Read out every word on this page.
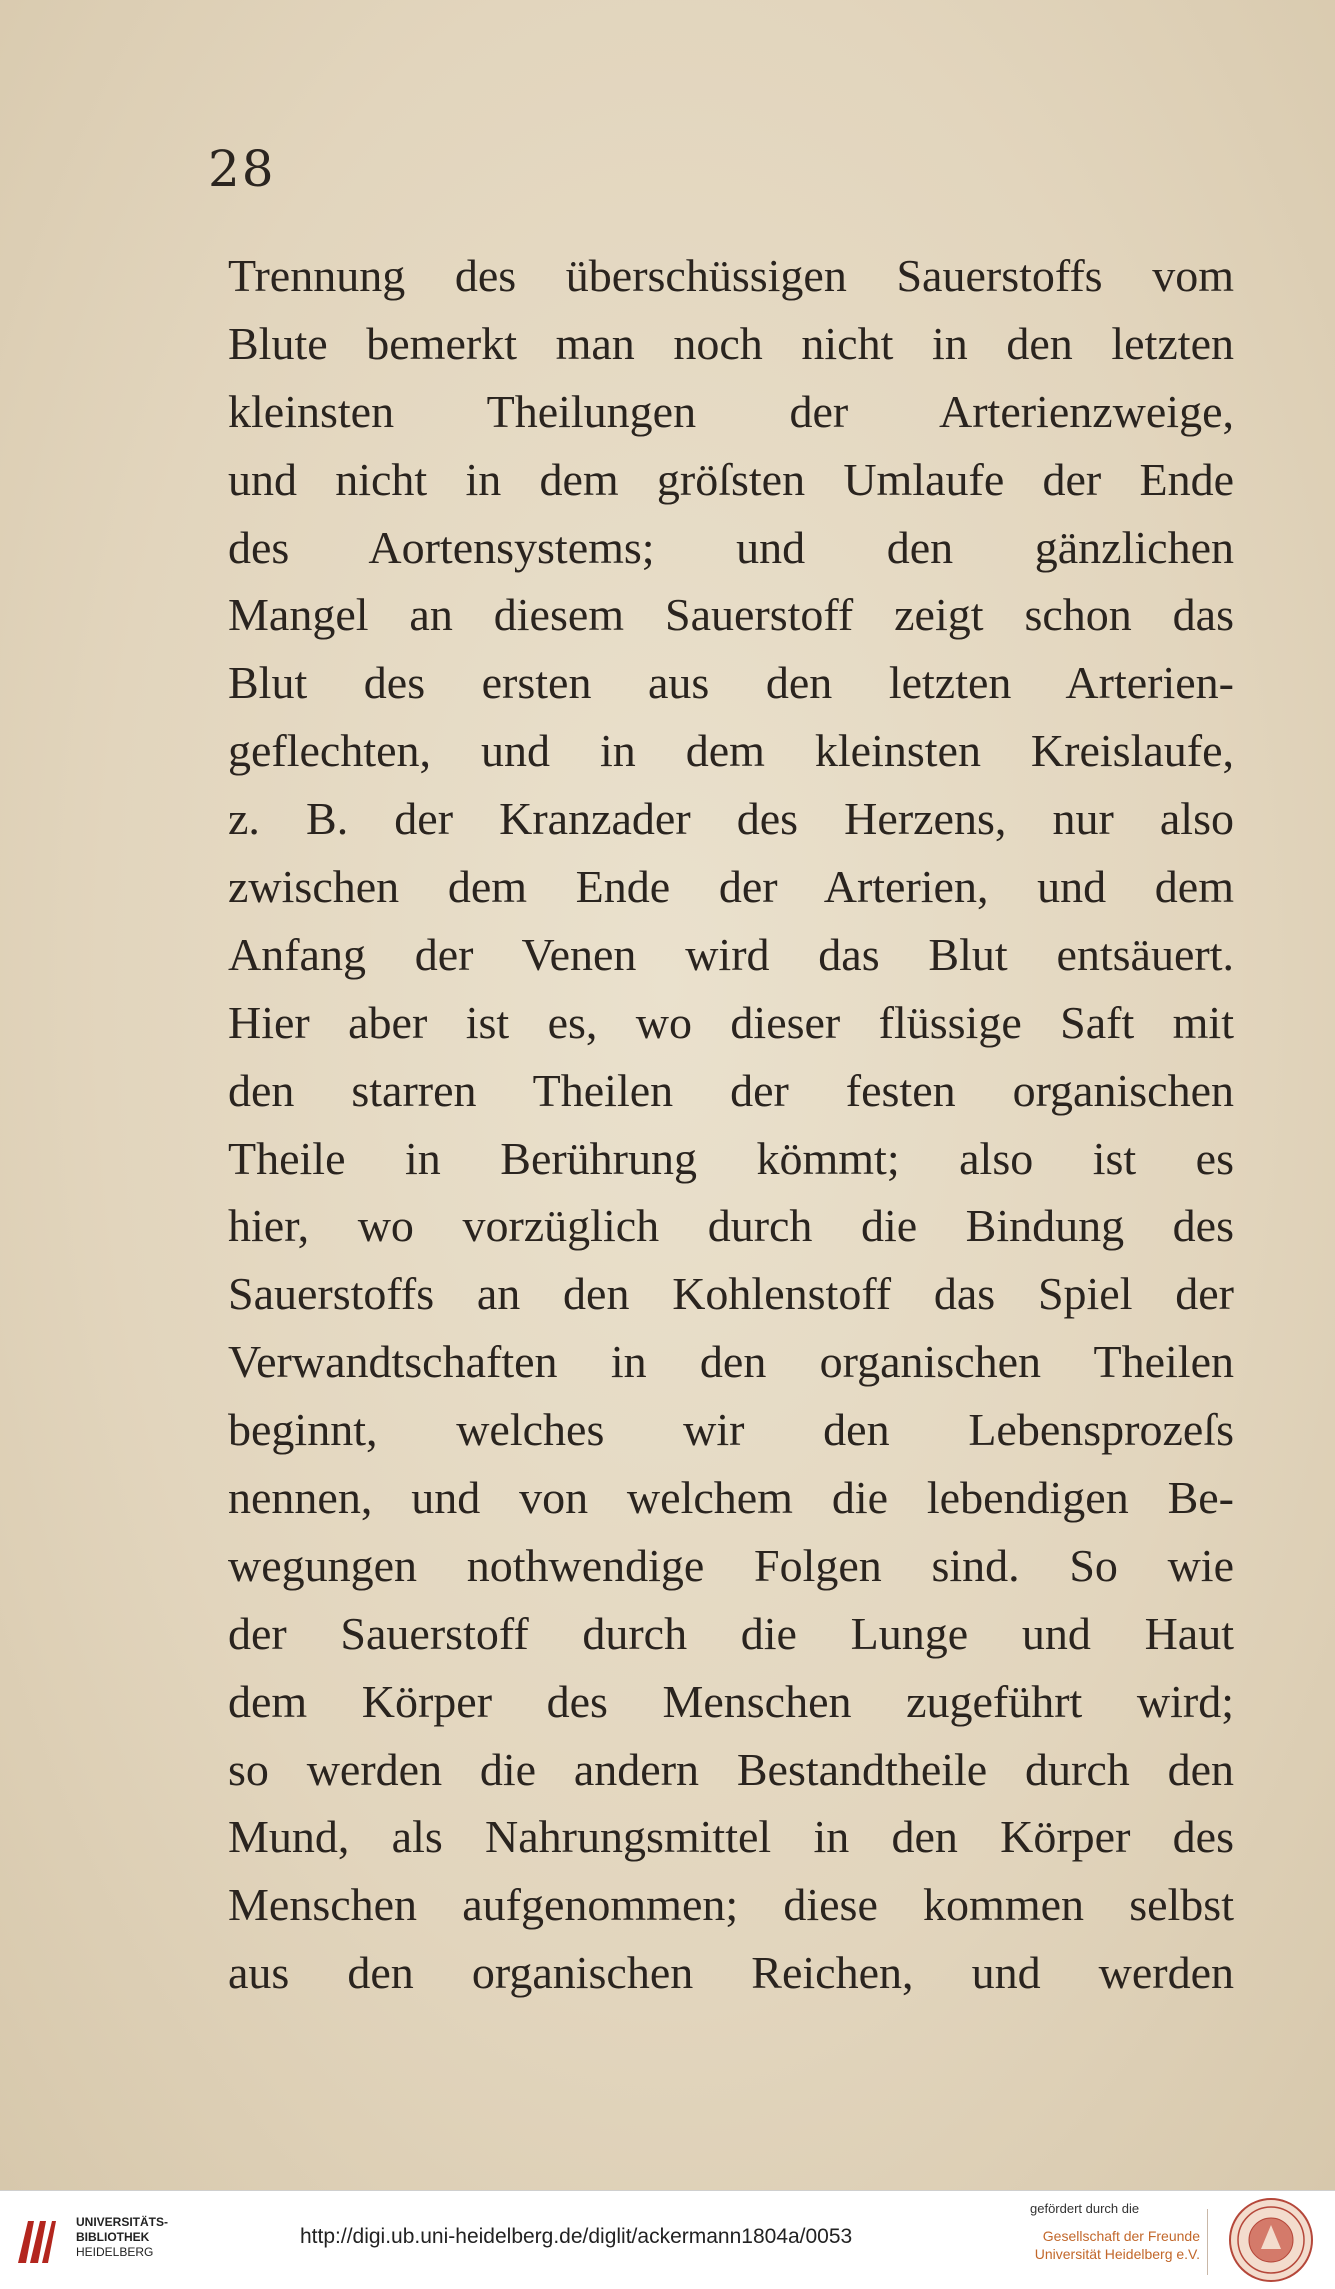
28
Trennung des überschüssigen Sauerstoffs vom
Blute bemerkt man noch nicht in den letzten
kleinsten Theilungen der Arterienzweige,
und nicht in dem gröſsten Umlaufe der Ende
des Aortensystems; und den gänzlichen
Mangel an diesem Sauerstoff zeigt schon das
Blut des ersten aus den letzten Arterien-
geflechten, und in dem kleinsten Kreislaufe,
z. B. der Kranzader des Herzens, nur also
zwischen dem Ende der Arterien, und dem
Anfang der Venen wird das Blut entsäuert.
Hier aber ist es, wo dieser flüssige Saft mit
den starren Theilen der festen organischen
Theile in Berührung kömmt; also ist es
hier, wo vorzüglich durch die Bindung des
Sauerstoffs an den Kohlenstoff das Spiel der
Verwandtschaften in den organischen Theilen
beginnt, welches wir den Lebensprozeſs
nennen, und von welchem die lebendigen Be-
wegungen nothwendige Folgen sind. So wie
der Sauerstoff durch die Lunge und Haut
dem Körper des Menschen zugeführt wird;
so werden die andern Bestandtheile durch den
Mund, als Nahrungsmittel in den Körper des
Menschen aufgenommen; diese kommen selbst
aus den organischen Reichen, und werden
UNIVERSITÄTS-
BIBLIOTHEK
HEIDELBERG
http://digi.ub.uni-heidelberg.de/diglit/ackermann1804a/0053
gefördert durch die
Gesellschaft der Freunde
Universität Heidelberg e.V.
